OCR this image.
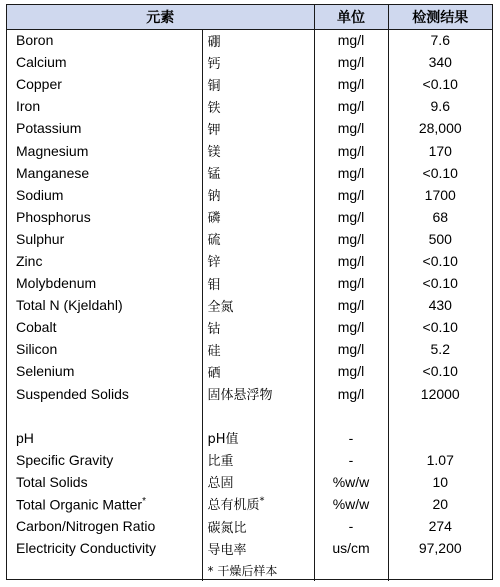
元素		单位	检测结果
Boron	硼	mg/l	7.6
Calcium	钙	mg/l	340
Copper	铜	mg/l	<0.10
Iron	铁	mg/l	9.6
Potassium	钾	mg/l	28,000
Magnesium	镁	mg/l	170
Manganese	锰	mg/l	<0.10
Sodium	钠	mg/l	1700
Phosphorus	磷	mg/l	68
Sulphur	硫	mg/l	500
Zinc	锌	mg/l	<0.10
Molybdenum	钼	mg/l	<0.10
Total N (Kjeldahl)	全氮	mg/l	430
Cobalt	钴	mg/l	<0.10
Silicon	硅	mg/l	5.2
Selenium	硒	mg/l	<0.10
Suspended Solids	固体悬浮物	mg/l	12000

pH	pH值	-	
Specific Gravity	比重	-	1.07
Total Solids	总固	%w/w	10
Total Organic Matter*	总有机质*	%w/w	20
Carbon/Nitrogen Ratio	碳氮比	-	274
Electricity Conductivity	导电率	us/cm	97,200
	* 干燥后样本		
